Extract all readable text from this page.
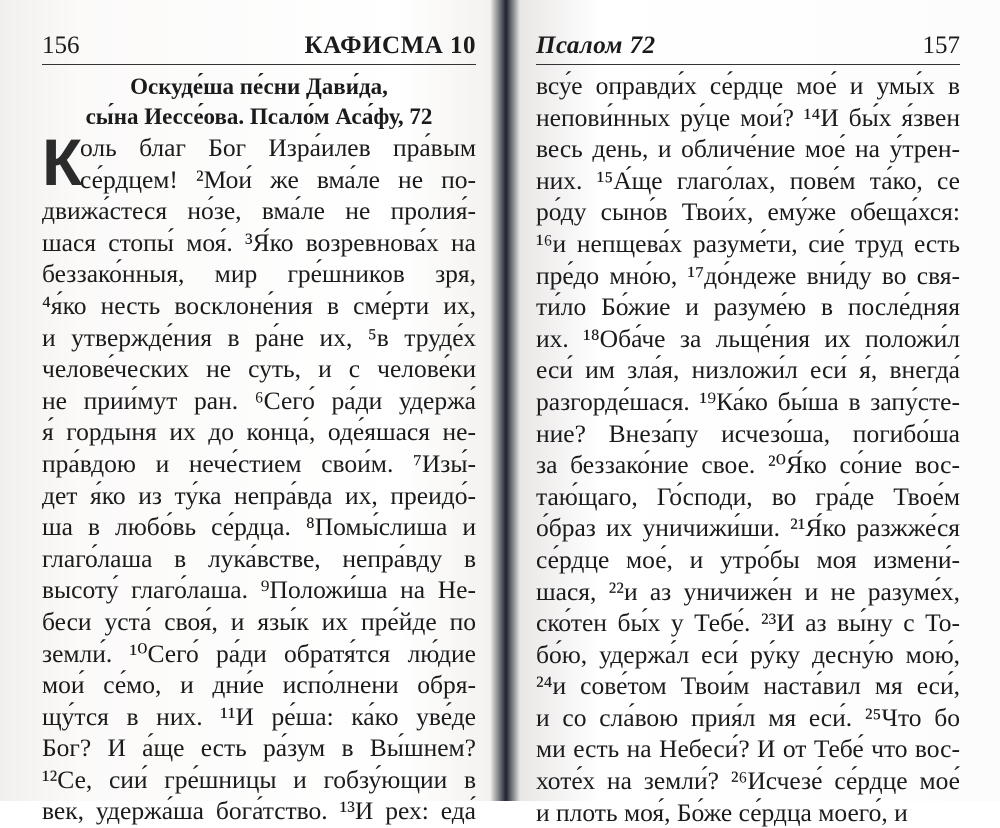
156	КАФИСМА 10
Оскуде́ша пе́сни Дави́да,
сы́на Иессе́ова. Псало́м Аса́фу, 72
К
оль благ Бог Изра́илев пра́вым
се́рдцем! ²Мои́ же вма́ле не по-
движа́стеся но́зе, вма́ле не пролия́-
шася стопы́ моя́. ³Я́ко возревнова́х на
беззако́нныя, мир гре́шников зря,
⁴я́ко несть восклоне́ния в сме́рти их,
и утвержде́ния в ра́не их, ⁵в труде́х
челове́ческих не суть, и с челове́ки
не прии́мут ран. ⁶Сего́ ра́ди удержа́
я́ гордыня их до конца́, оде́яшася не-
пра́вдою и нече́стием свои́м. ⁷Изы́-
дет я́ко из ту́ка непра́вда их, преидо́-
ша в любо́вь се́рдца. ⁸Помы́слиша и
глаго́лаша в лука́встве, непра́вду в
высоту́ глаго́лаша. ⁹Положи́ша на Не-
беси уста́ своя́, и язы́к их пре́йде по
земли́. ¹⁰Сего́ ра́ди обратя́тся лю́дие
мои́ се́мо, и дни́е испо́лнени обря-
щу́тся в них. ¹¹И ре́ша: ка́ко уве́де
Бог? И а́ще есть ра́зум в Вы́шнем?
¹²Се, сии́ гре́шницы и гобзу́ющии в
век, удержа́ша бога́тство. ¹³И рех: еда́
Псалом 72	157
всу́е оправди́х се́рдце мое́ и умы́х в
непови́нных ру́це мои́? ¹⁴И бы́х я́звен
весь день, и обличе́ние мое́ на у́трен-
них. ¹⁵А́ще глаго́лах, пове́м та́ко, се
ро́ду сыно́в Твои́х, ему́же обеща́хся:
¹⁶и непщева́х разуме́ти, сие́ труд есть
пре́до мно́ю, ¹⁷до́ндеже вни́ду во свя-
ти́ло Бо́жие и разуме́ю в после́дняя
их. ¹⁸Оба́че за льще́ния их положи́л
еси́ им зла́я, низложи́л еси́ я́, внегда́
разгорде́шася. ¹⁹Ка́ко бы́ша в запу́сте-
ние? Внеза́пу исчезо́ша, погибо́ша
за беззако́ние свое. ²⁰Я́ко со́ние вос-
таю́щаго, Го́споди, во гра́де Твое́м
о́браз их уничижи́ши. ²¹Я́ко разжже́ся
се́рдце мое́, и утро́бы моя измени́-
шася, ²²и аз уничиже́н и не разуме́х,
ско́тен бы́х у Тебе́. ²³И аз вы́ну с То-
бо́ю, удержа́л еси́ ру́ку десну́ю мою́,
²⁴и сове́том Твои́м наста́вил мя еси́,
и со сла́вою прия́л мя еси́. ²⁵Что бо
ми есть на Небеси́? И от Тебе́ что вос-
хоте́х на земли́? ²⁶Исчезе́ се́рдце мое́
и плоть моя́, Бо́же се́рдца моего́, и
